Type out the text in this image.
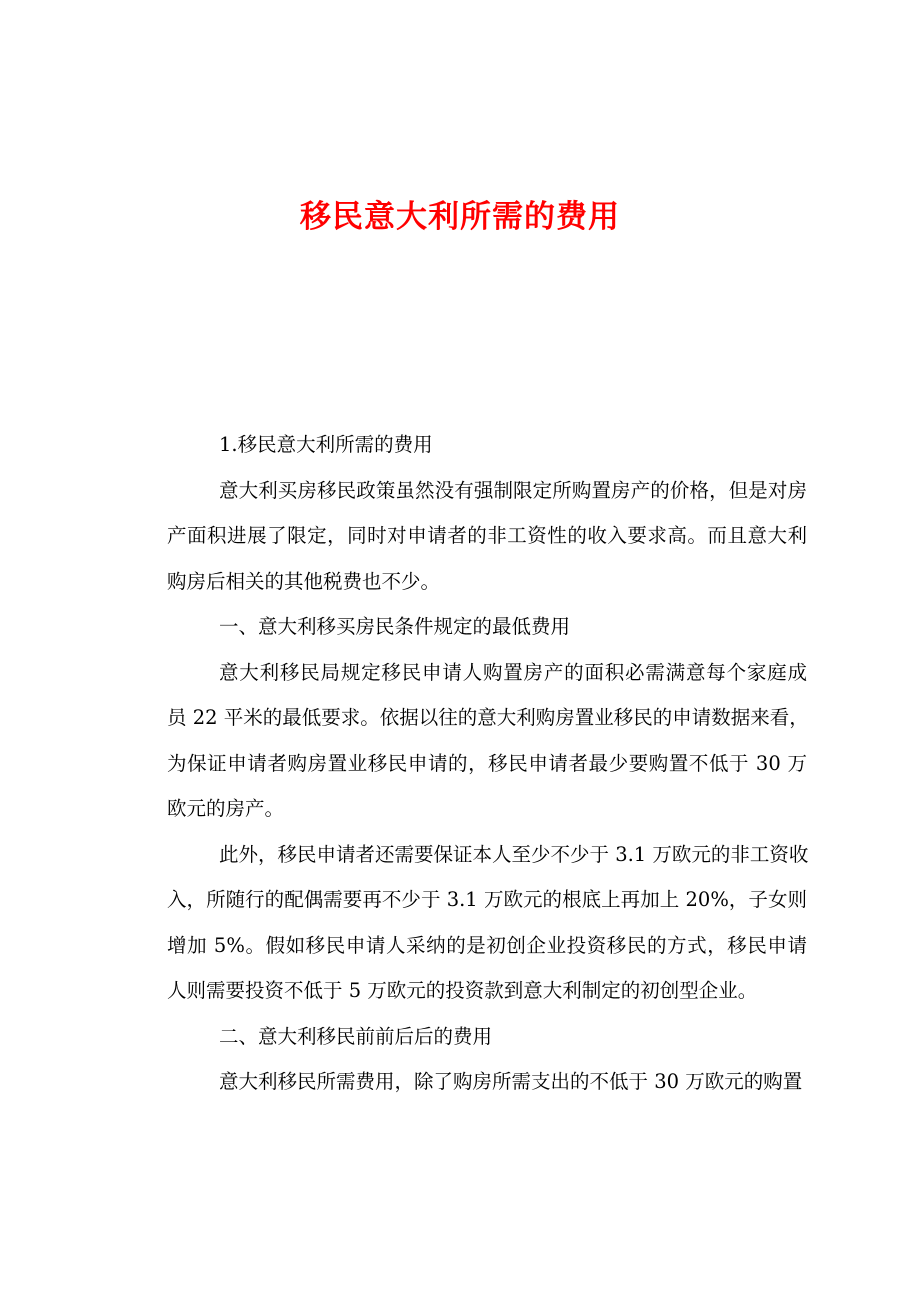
移民意大利所需的费用
1.移民意大利所需的费用
意大利买房移民政策虽然没有强制限定所购置房产的价格，但是对房
产面积进展了限定，同时对申请者的非工资性的收入要求高。而且意大利
购房后相关的其他税费也不少。
一、意大利移买房民条件规定的最低费用
意大利移民局规定移民申请人购置房产的面积必需满意每个家庭成
员 22 平米的最低要求。依据以往的意大利购房置业移民的申请数据来看，
为保证申请者购房置业移民申请的，移民申请者最少要购置不低于 30 万
欧元的房产。
此外，移民申请者还需要保证本人至少不少于 3.1 万欧元的非工资收
入，所随行的配偶需要再不少于 3.1 万欧元的根底上再加上 20%，子女则
增加 5%。假如移民申请人采纳的是初创企业投资移民的方式，移民申请
人则需要投资不低于 5 万欧元的投资款到意大利制定的初创型企业。
二、意大利移民前前后后的费用
意大利移民所需费用，除了购房所需支出的不低于 30 万欧元的购置
